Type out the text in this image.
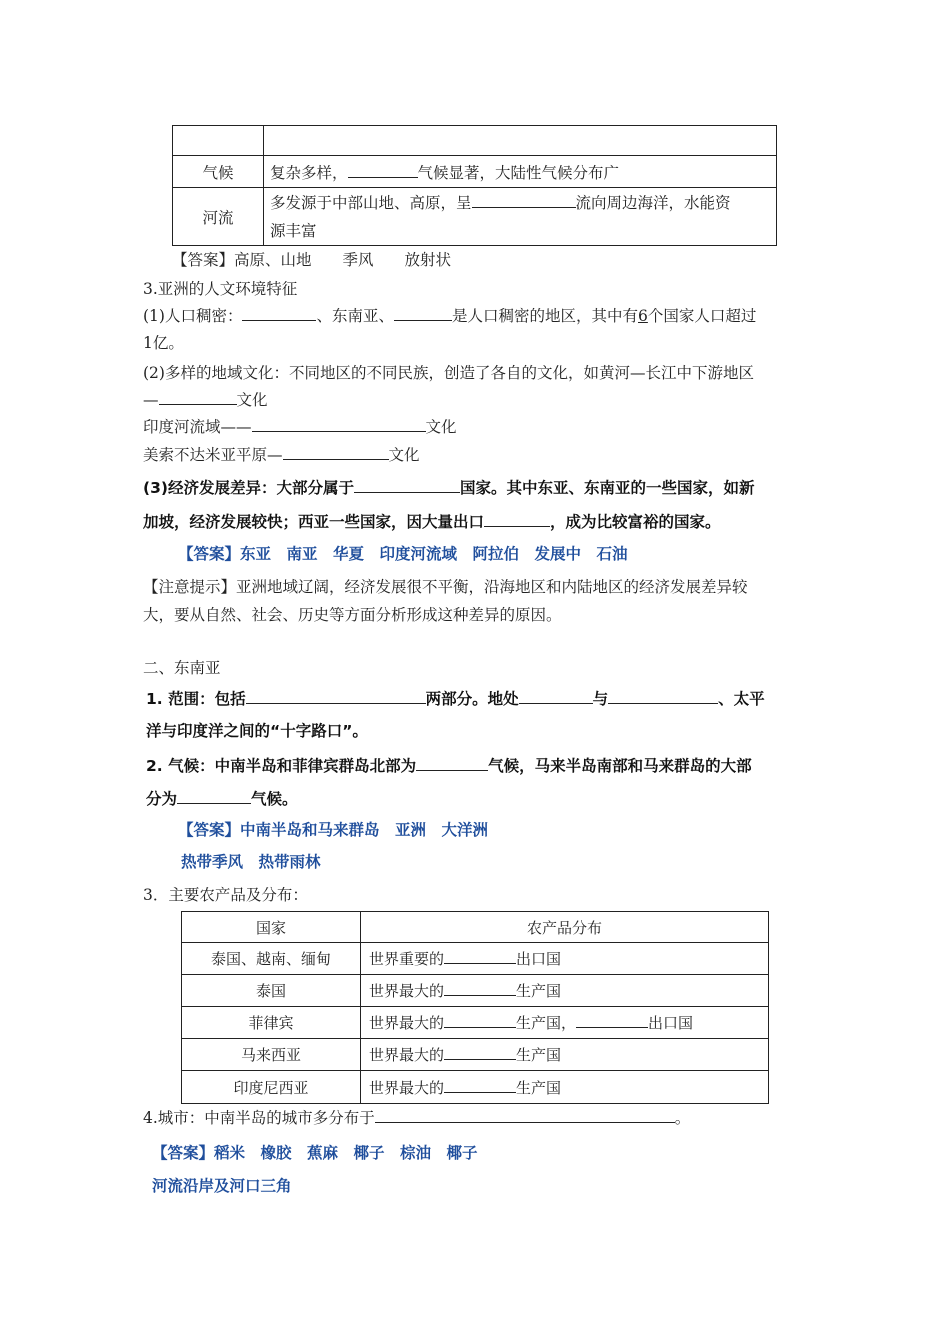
气候	复杂多样， 气候显著，大陆性气候分布广
河流	多发源于中部山地、高原，呈 流向周边海洋，水能资
源丰富
【答案】高原、山地　　季风　　放射状
3.亚洲的人文环境特征
(1)人口稠密：	、东南亚、	是人口稠密的地区，其中有6个国家人口超过
1亿。
(2)多样的地域文化：不同地区的不同民族，创造了各自的文化，如黄河—长江中下游地区
—	文化
印度河流域——	文化
美索不达米亚平原—	文化
(3)经济发展差异：大部分属于	国家。其中东亚、东南亚的一些国家，如新
加坡，经济发展较快；西亚一些国家，因大量出口	，成为比较富裕的国家。
【答案】东亚　南亚　华夏　印度河流域　阿拉伯　发展中　石油
【注意提示】亚洲地域辽阔，经济发展很不平衡，沿海地区和内陆地区的经济发展差异较
大，要从自然、社会、历史等方面分析形成这种差异的原因。
二、东南亚
1. 范围：包括	两部分。地处	与	、太平
洋与印度洋之间的“十字路口”。
2. 气候：中南半岛和菲律宾群岛北部为	气候，马来半岛南部和马来群岛的大部
分为	气候。
【答案】中南半岛和马来群岛　亚洲　大洋洲
热带季风　热带雨林
3．主要农产品及分布：
国家	农产品分布
泰国、越南、缅甸	世界重要的 出口国
泰国	世界最大的 生产国
菲律宾	世界最大的 生产国， 出口国
马来西亚	世界最大的 生产国
印度尼西亚	世界最大的 生产国
4.城市：中南半岛的城市多分布于	。
【答案】稻米　橡胶　蕉麻　椰子　棕油　椰子
河流沿岸及河口三角
